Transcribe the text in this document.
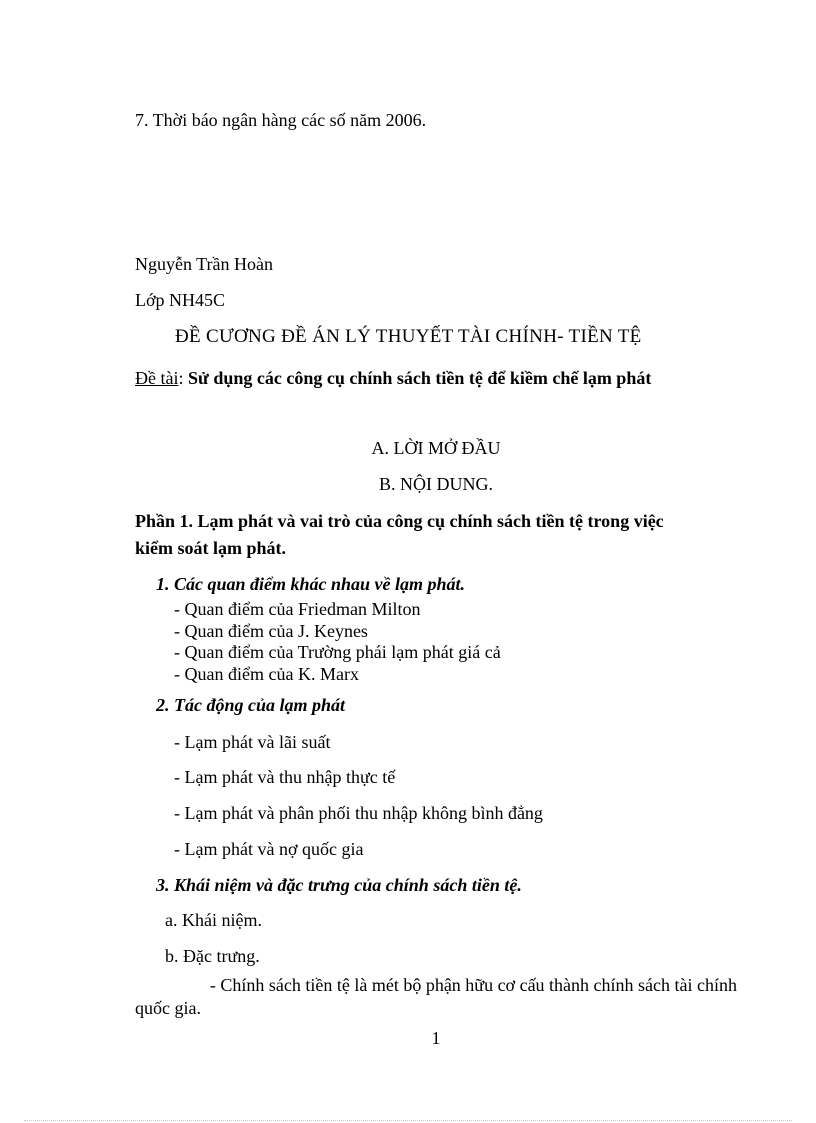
7. Thời báo ngân hàng các số năm 2006.
Nguyễn Trần Hoàn
Lớp NH45C
ĐỀ CƯƠNG ĐỀ ÁN LÝ THUYẾT TÀI CHÍNH- TIỀN TỆ
Đề tài: Sử dụng các công cụ chính sách tiền tệ để kiềm chế lạm phát
A. LỜI MỞ ĐẦU
B. NỘI DUNG.
Phần 1. Lạm phát và vai trò của công cụ chính sách tiền tệ trong việc
kiểm soát lạm phát.
1. Các quan điểm khác nhau về lạm phát.
- Quan điểm của Friedman Milton
- Quan điểm của J. Keynes
- Quan điểm của Trường phái lạm phát giá cả
- Quan điểm của K. Marx
2. Tác động của lạm phát
- Lạm phát và lãi suất
- Lạm phát và thu nhập thực tế
- Lạm phát và phân phối thu nhập không bình đẳng
- Lạm phát và nợ quốc gia
3. Khái niệm và đặc trưng của chính sách tiền tệ.
a. Khái niệm.
b. Đặc trưng.
- Chính sách tiền tệ là mét bộ phận hữu cơ cấu thành chính sách tài chính
quốc gia.
1
